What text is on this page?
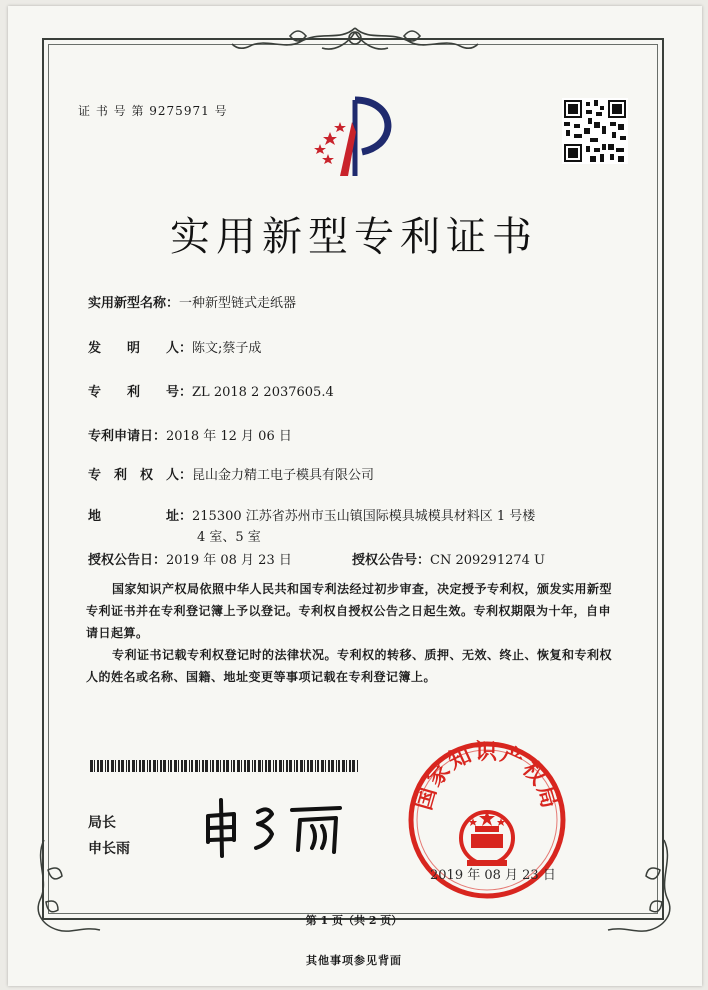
证 书 号 第 9275971 号
实用新型专利证书
实用新型名称：一种新型链式走纸器
发　　明　　人：陈文;蔡子成
专　　利　　号：ZL 2018 2 2037605.4
专利申请日：2018 年 12 月 06 日
专　利　权　人：昆山金力精工电子模具有限公司
地　　　　　址：215300 江苏省苏州市玉山镇国际模具城模具材料区 1 号楼
4 室、5 室
授权公告日：2019 年 08 月 23 日	授权公告号：CN 209291274 U
国家知识产权局依照中华人民共和国专利法经过初步审查，决定授予专利权，颁发实用新型专利证书并在专利登记簿上予以登记。专利权自授权公告之日起生效。专利权期限为十年，自申请日起算。
专利证书记载专利权登记时的法律状况。专利权的转移、质押、无效、终止、恢复和专利权人的姓名或名称、国籍、地址变更等事项记载在专利登记簿上。
局长
申长雨
国家知识产权局
2019 年 08 月 23 日
第 1 页（共 2 页）
其他事项参见背面
